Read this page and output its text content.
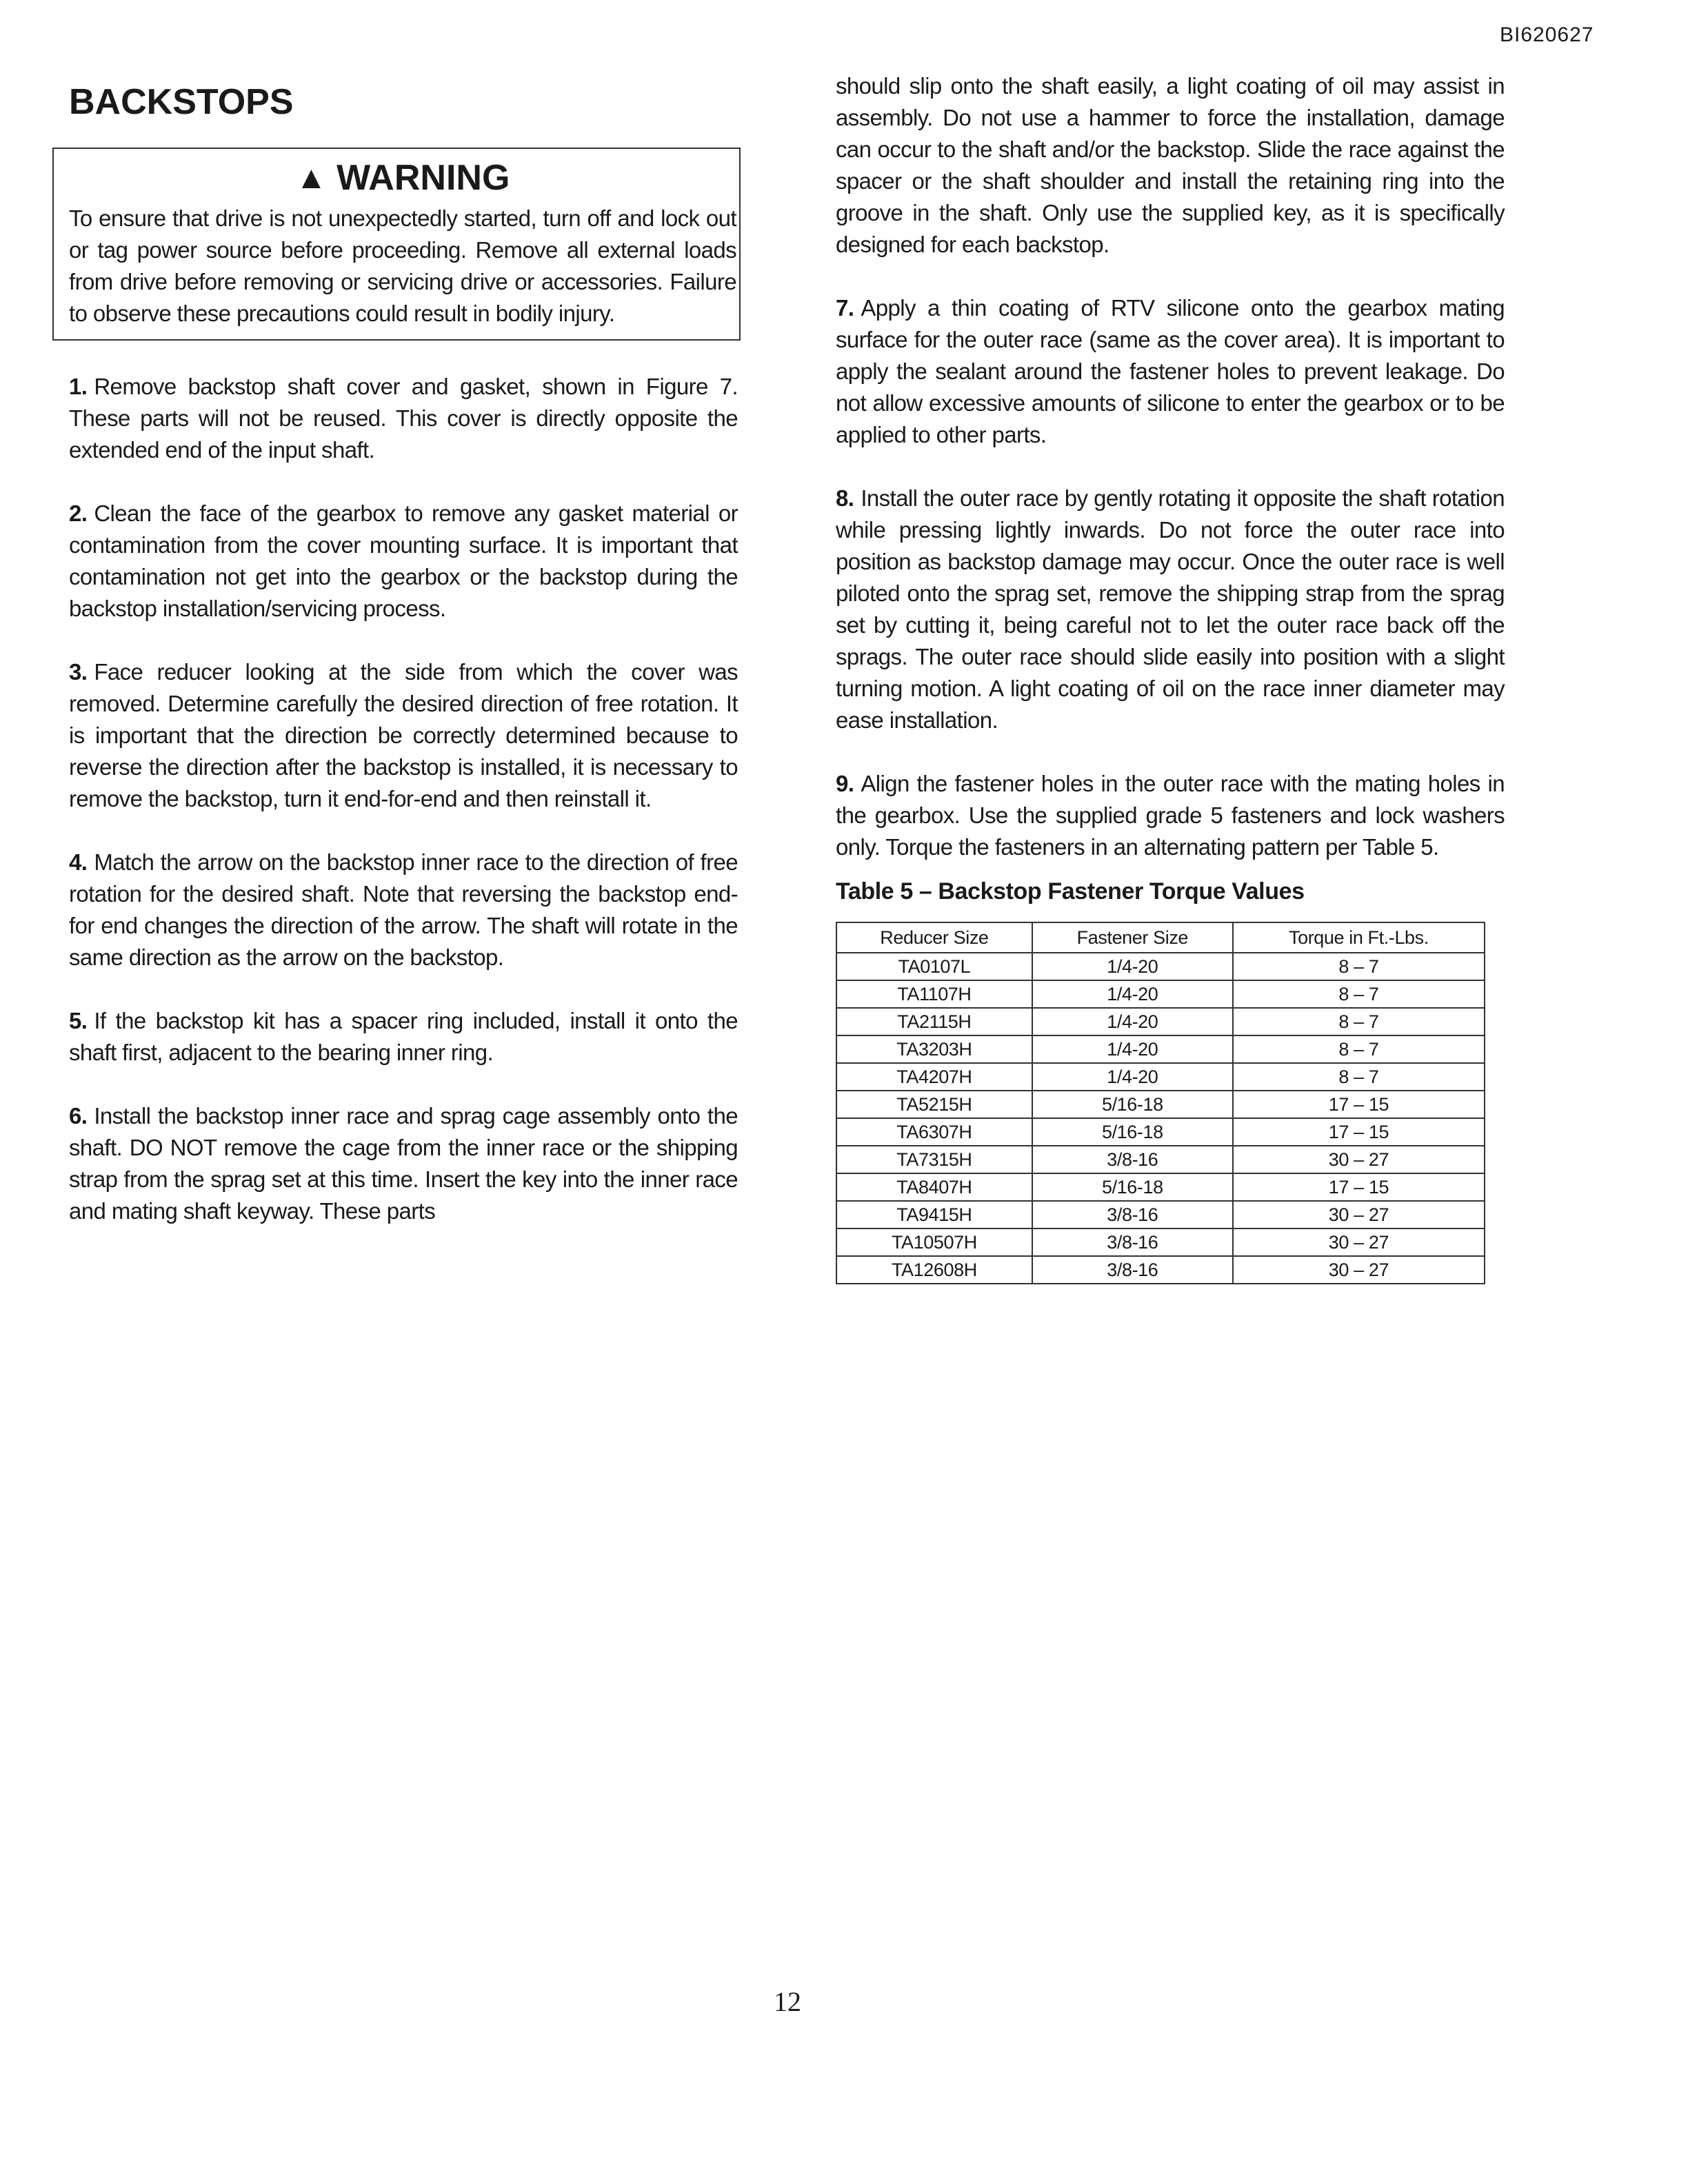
BI620627
BACKSTOPS
▲ WARNING
To ensure that drive is not unexpectedly started, turn off and lock out or tag power source before proceeding. Remove all external loads from drive before removing or servicing drive or accessories. Failure to observe these precautions could result in bodily injury.
1. Remove backstop shaft cover and gasket, shown in Figure 7. These parts will not be reused. This cover is directly opposite the extended end of the input shaft.
2. Clean the face of the gearbox to remove any gasket material or contamination from the cover mounting surface. It is important that contamination not get into the gearbox or the backstop during the backstop installation/servicing process.
3. Face reducer looking at the side from which the cover was removed. Determine carefully the desired direction of free rotation. It is important that the direction be correctly determined because to reverse the direction after the backstop is installed, it is necessary to remove the backstop, turn it end-for-end and then reinstall it.
4. Match the arrow on the backstop inner race to the direction of free rotation for the desired shaft. Note that reversing the backstop end-for end changes the direction of the arrow. The shaft will rotate in the same direction as the arrow on the backstop.
5. If the backstop kit has a spacer ring included, install it onto the shaft first, adjacent to the bearing inner ring.
6. Install the backstop inner race and sprag cage assembly onto the shaft. DO NOT remove the cage from the inner race or the shipping strap from the sprag set at this time. Insert the key into the inner race and mating shaft keyway. These parts
should slip onto the shaft easily, a light coating of oil may assist in assembly. Do not use a hammer to force the installation, damage can occur to the shaft and/or the backstop. Slide the race against the spacer or the shaft shoulder and install the retaining ring into the groove in the shaft. Only use the supplied key, as it is specifically designed for each backstop.
7. Apply a thin coating of RTV silicone onto the gearbox mating surface for the outer race (same as the cover area). It is important to apply the sealant around the fastener holes to prevent leakage. Do not allow excessive amounts of silicone to enter the gearbox or to be applied to other parts.
8. Install the outer race by gently rotating it opposite the shaft rotation while pressing lightly inwards. Do not force the outer race into position as backstop damage may occur. Once the outer race is well piloted onto the sprag set, remove the shipping strap from the sprag set by cutting it, being careful not to let the outer race back off the sprags. The outer race should slide easily into position with a slight turning motion. A light coating of oil on the race inner diameter may ease installation.
9. Align the fastener holes in the outer race with the mating holes in the gearbox. Use the supplied grade 5 fasteners and lock washers only. Torque the fasteners in an alternating pattern per Table 5.
Table 5 – Backstop Fastener Torque Values
Reducer Size	Fastener Size	Torque in Ft.-Lbs.
TA0107L	1/4-20	8 – 7
TA1107H	1/4-20	8 – 7
TA2115H	1/4-20	8 – 7
TA3203H	1/4-20	8 – 7
TA4207H	1/4-20	8 – 7
TA5215H	5/16-18	17 – 15
TA6307H	5/16-18	17 – 15
TA7315H	3/8-16	30 – 27
TA8407H	5/16-18	17 – 15
TA9415H	3/8-16	30 – 27
TA10507H	3/8-16	30 – 27
TA12608H	3/8-16	30 – 27
12
